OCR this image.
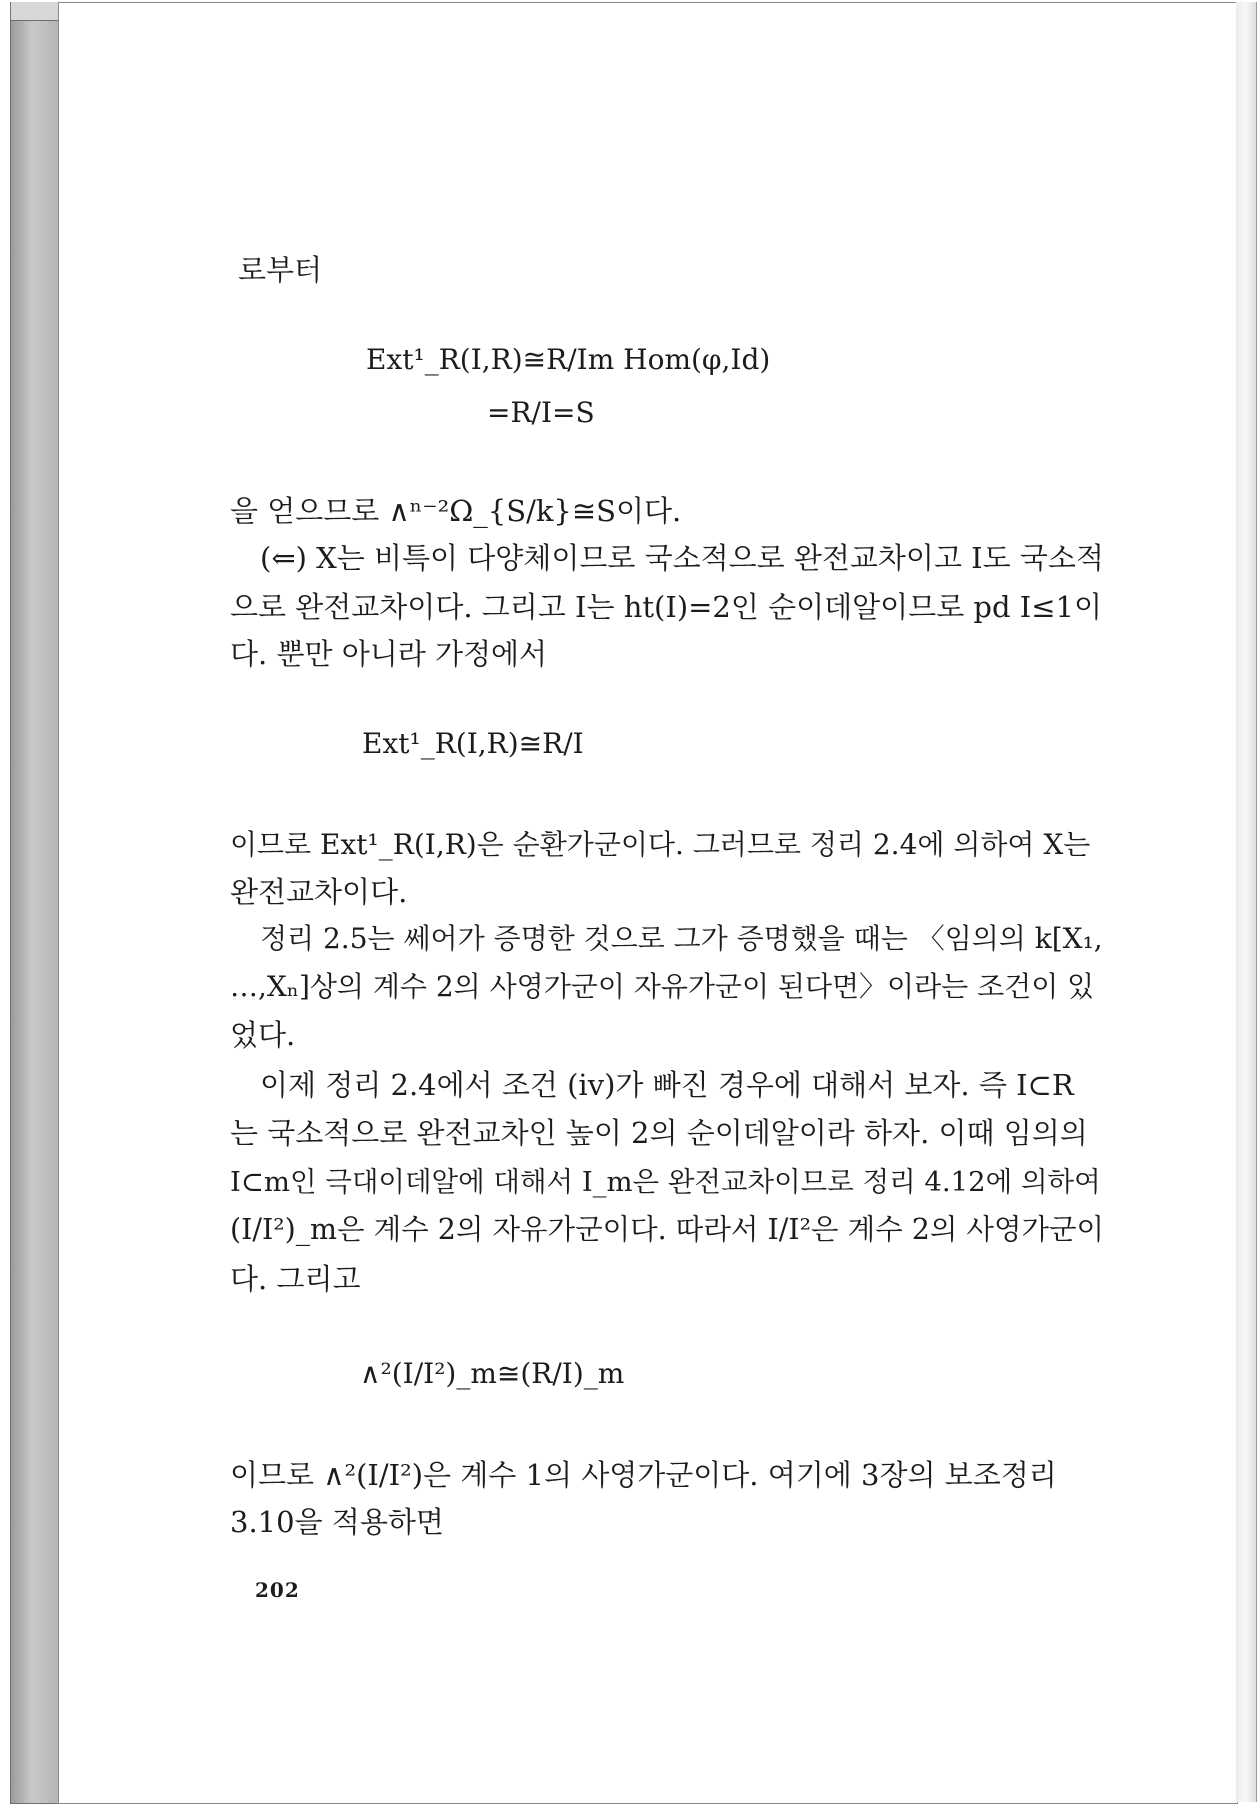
로부터
Ext¹_R(I,R)≅R/Im Hom(φ,Id)
=R/I=S
을 얻으므로 ∧ⁿ⁻²Ω_{S/k}≅S이다.
(⇐) X는 비특이 다양체이므로 국소적으로 완전교차이고 I도 국소적
으로 완전교차이다. 그리고 I는 ht(I)=2인 순이데알이므로 pd I≤1이
다. 뿐만 아니라 가정에서
Ext¹_R(I,R)≅R/I
이므로 Ext¹_R(I,R)은 순환가군이다. 그러므로 정리 2.4에 의하여 X는
완전교차이다.
정리 2.5는 쎄어가 증명한 것으로 그가 증명했을 때는 〈임의의 k[X₁,
…,Xₙ]상의 계수 2의 사영가군이 자유가군이 된다면〉이라는 조건이 있
었다.
이제 정리 2.4에서 조건 (iv)가 빠진 경우에 대해서 보자. 즉 I⊂R
는 국소적으로 완전교차인 높이 2의 순이데알이라 하자. 이때 임의의
I⊂m인 극대이데알에 대해서 I_m은 완전교차이므로 정리 4.12에 의하여
(I/I²)_m은 계수 2의 자유가군이다. 따라서 I/I²은 계수 2의 사영가군이
다. 그리고
∧²(I/I²)_m≅(R/I)_m
이므로 ∧²(I/I²)은 계수 1의 사영가군이다. 여기에 3장의 보조정리
3.10을 적용하면
202
